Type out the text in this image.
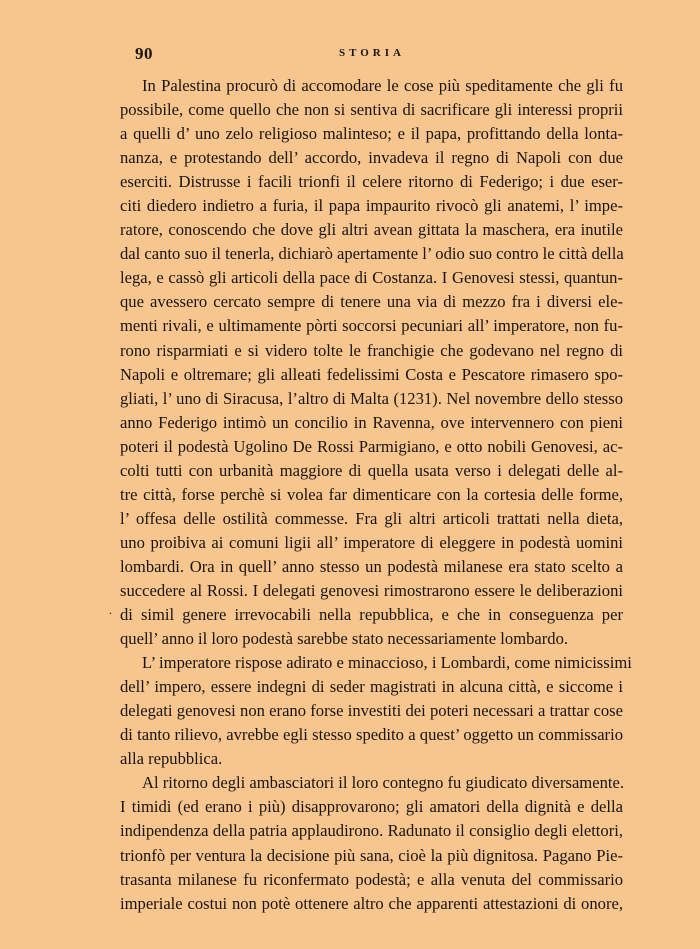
90	STORIA
In Palestina procurò di accomodare le cose più speditamente che gli fu
possibile, come quello che non si sentiva di sacrificare gli interessi proprii
a quelli d’ uno zelo religioso malinteso; e il papa, profittando della lonta-
nanza, e protestando dell’ accordo, invadeva il regno di Napoli con due
eserciti. Distrusse i facili trionfi il celere ritorno di Federigo; i due eser-
citi diedero indietro a furia, il papa impaurito rivocò gli anatemi, l’ impe-
ratore, conoscendo che dove gli altri avean gittata la maschera, era inutile
dal canto suo il tenerla, dichiarò apertamente l’ odio suo contro le città della
lega, e cassò gli articoli della pace di Costanza. I Genovesi stessi, quantun-
que avessero cercato sempre di tenere una via di mezzo fra i diversi ele-
menti rivali, e ultimamente pòrti soccorsi pecuniari all’ imperatore, non fu-
rono risparmiati e si videro tolte le franchigie che godevano nel regno di
Napoli e oltremare; gli alleati fedelissimi Costa e Pescatore rimasero spo-
gliati, l’ uno di Siracusa, l’altro di Malta (1231). Nel novembre dello stesso
anno Federigo intimò un concilio in Ravenna, ove intervennero con pieni
poteri il podestà Ugolino De Rossi Parmigiano, e otto nobili Genovesi, ac-
colti tutti con urbanità maggiore di quella usata verso i delegati delle al-
tre città, forse perchè si volea far dimenticare con la cortesia delle forme,
l’ offesa delle ostilità commesse. Fra gli altri articoli trattati nella dieta,
uno proibiva ai comuni ligii all’ imperatore di eleggere in podestà uomini
lombardi. Ora in quell’ anno stesso un podestà milanese era stato scelto a
succedere al Rossi. I delegati genovesi rimostrarono essere le deliberazioni
di simil genere irrevocabili nella repubblica, e che in conseguenza per
quell’ anno il loro podestà sarebbe stato necessariamente lombardo.
L’ imperatore rispose adirato e minaccioso, i Lombardi, come nimicissimi
dell’ impero, essere indegni di seder magistrati in alcuna città, e siccome i
delegati genovesi non erano forse investiti dei poteri necessari a trattar cose
di tanto rilievo, avrebbe egli stesso spedito a quest’ oggetto un commissario
alla repubblica.
Al ritorno degli ambasciatori il loro contegno fu giudicato diversamente.
I timidi (ed erano i più) disapprovarono; gli amatori della dignità e della
indipendenza della patria applaudirono. Radunato il consiglio degli elettori,
trionfò per ventura la decisione più sana, cioè la più dignitosa. Pagano Pie-
trasanta milanese fu riconfermato podestà; e alla venuta del commissario
imperiale costui non potè ottenere altro che apparenti attestazioni di onore,
.
